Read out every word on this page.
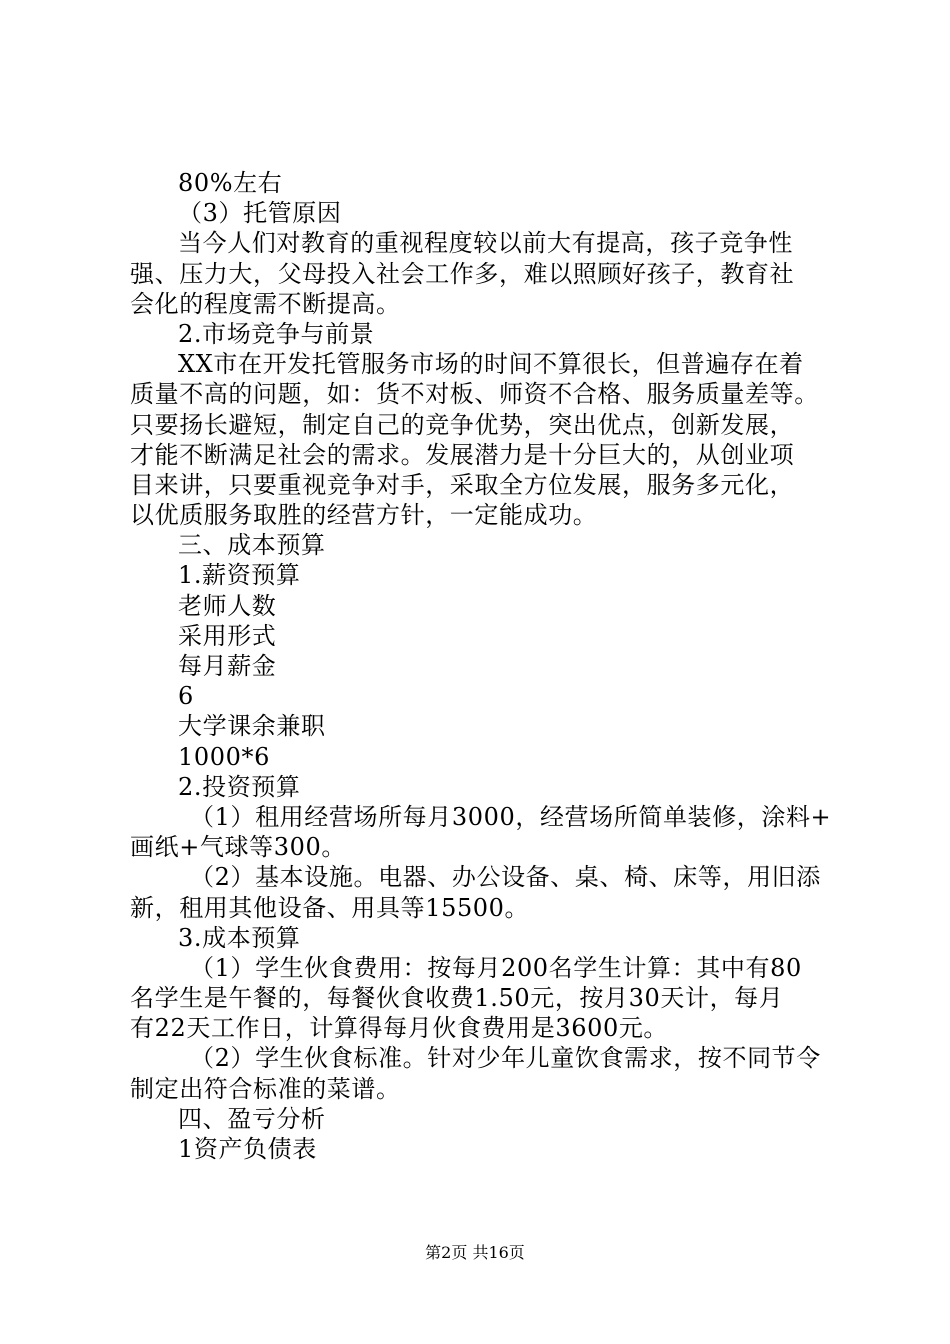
80%左右
（3）托管原因
当今人们对教育的重视程度较以前大有提高，孩子竞争性
强、压力大，父母投入社会工作多，难以照顾好孩子，教育社
会化的程度需不断提高。
2.市场竞争与前景
XX市在开发托管服务市场的时间不算很长，但普遍存在着
质量不高的问题，如：货不对板、师资不合格、服务质量差等。
只要扬长避短，制定自己的竞争优势，突出优点，创新发展，
才能不断满足社会的需求。发展潜力是十分巨大的，从创业项
目来讲，只要重视竞争对手，采取全方位发展，服务多元化，
以优质服务取胜的经营方针，一定能成功。
三、成本预算
1.薪资预算
老师人数
采用形式
每月薪金
6
大学课余兼职
1000*6
2.投资预算
（1）租用经营场所每月3000，经营场所简单装修，涂料+
画纸+气球等300。
（2）基本设施。电器、办公设备、桌、椅、床等，用旧添
新，租用其他设备、用具等15500。
3.成本预算
（1）学生伙食费用：按每月200名学生计算：其中有80
名学生是午餐的，每餐伙食收费1.50元，按月30天计，每月
有22天工作日，计算得每月伙食费用是3600元。
（2）学生伙食标准。针对少年儿童饮食需求，按不同节令
制定出符合标准的菜谱。
四、盈亏分析
1资产负债表
第2页 共16页
